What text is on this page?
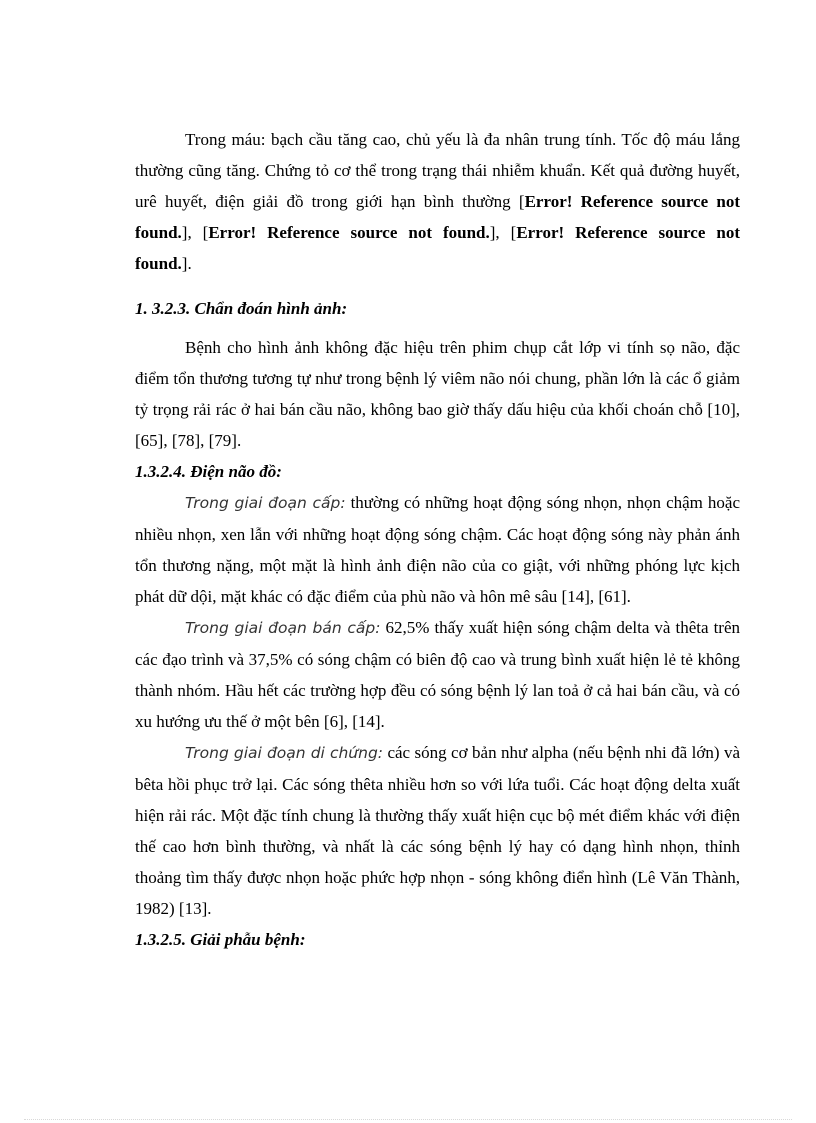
Trong máu: bạch cầu tăng cao, chủ yếu là đa nhân trung tính. Tốc độ máu lắng thường cũng tăng. Chứng tỏ cơ thể trong trạng thái nhiễm khuẩn. Kết quả đường huyết, urê huyết, điện giải đồ trong giới hạn bình thường [Error! Reference source not found.], [Error! Reference source not found.], [Error! Reference source not found.].

1. 3.2.3. Chẩn đoán hình ảnh:

Bệnh cho hình ảnh không đặc hiệu trên phim chụp cắt lớp vi tính sọ não, đặc điểm tổn thương tương tự như trong bệnh lý viêm não nói chung, phần lớn là các ổ giảm tỷ trọng rải rác ở hai bán cầu não, không bao giờ thấy dấu hiệu của khối choán chỗ [10], [65], [78], [79].

1.3.2.4. Điện não đồ:

Trong giai đoạn cấp: thường có những hoạt động sóng nhọn, nhọn chậm hoặc nhiều nhọn, xen lẫn với những hoạt động sóng chậm. Các hoạt động sóng này phản ánh tổn thương nặng, một mặt là hình ảnh điện não của co giật, với những phóng lực kịch phát dữ dội, mặt khác có đặc điểm của phù não và hôn mê sâu [14], [61].

Trong giai đoạn bán cấp: 62,5% thấy xuất hiện sóng chậm delta và thêta trên các đạo trình và 37,5% có sóng chậm có biên độ cao và trung bình xuất hiện lẻ tẻ không thành nhóm. Hầu hết các trường hợp đều có sóng bệnh lý lan toả ở cả hai bán cầu, và có xu hướng ưu thế ở một bên [6], [14].

Trong giai đoạn di chứng: các sóng cơ bản như alpha (nếu bệnh nhi đã lớn) và bêta hồi phục trở lại. Các sóng thêta nhiều hơn so với lứa tuổi. Các hoạt động delta xuất hiện rải rác. Một đặc tính chung là thường thấy xuất hiện cục bộ mét điểm khác với điện thế cao hơn bình thường, và nhất là các sóng bệnh lý hay có dạng hình nhọn, thỉnh thoảng tìm thấy được nhọn hoặc phức hợp nhọn - sóng không điển hình (Lê Văn Thành, 1982) [13].

1.3.2.5. Giải phẫu bệnh:
